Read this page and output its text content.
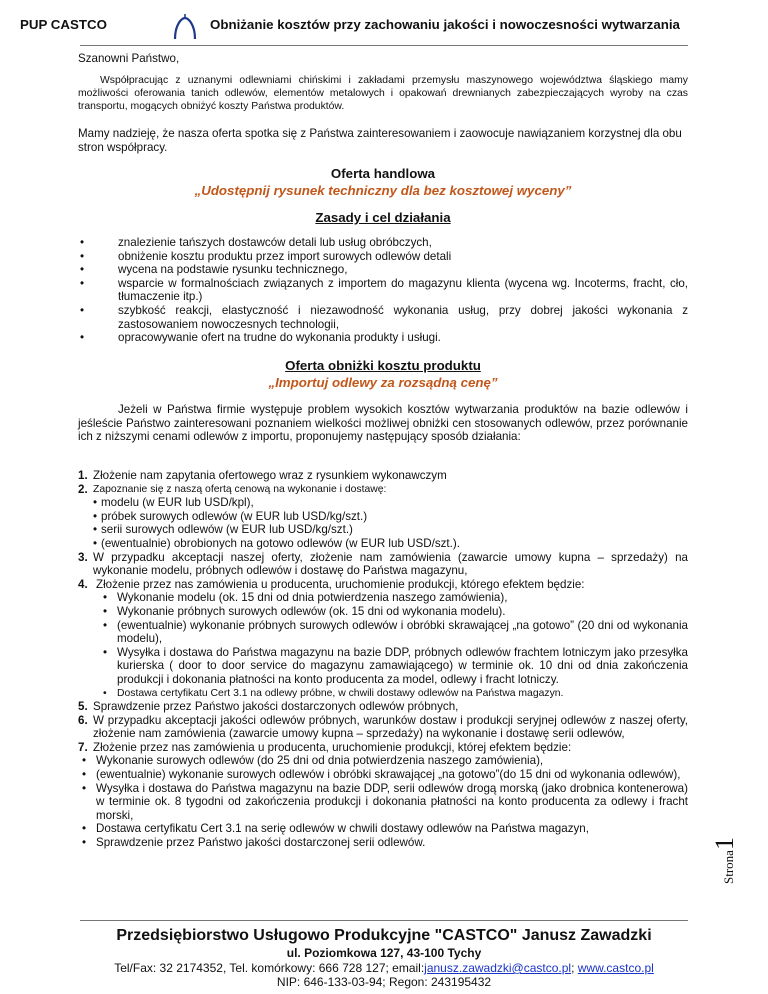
PUP CASTCO	Obniżanie kosztów przy zachowaniu jakości i nowoczesności wytwarzania
Szanowni Państwo,
Współpracując z uznanymi odlewniami chińskimi i zakładami przemysłu maszynowego województwa śląskiego mamy możliwości oferowania tanich odlewów, elementów metalowych i opakowań drewnianych zabezpieczających wyroby na czas transportu, mogących obniżyć koszty Państwa produktów.
Mamy nadzieję, że nasza oferta spotka się z Państwa zainteresowaniem i zaowocuje nawiązaniem korzystnej dla obu stron współpracy.
Oferta handlowa
„Udostępnij rysunek techniczny dla bez kosztowej wyceny”
Zasady i cel działania
•	znalezienie tańszych dostawców detali lub usług obróbczych,
•	obniżenie kosztu produktu przez import surowych odlewów detali
•	wycena na podstawie rysunku technicznego,
•	wsparcie w formalnościach związanych z importem do magazynu klienta (wycena wg. Incoterms, fracht, cło, tłumaczenie itp.)
•	szybkość reakcji, elastyczność i niezawodność wykonania usług, przy dobrej jakości wykonania z zastosowaniem nowoczesnych technologii,
•	opracowywanie ofert na trudne do wykonania produkty i usługi.
Oferta obniżki kosztu produktu
„Importuj odlewy za rozsądną cenę”
Jeżeli w Państwa firmie występuje problem wysokich kosztów wytwarzania produktów na bazie odlewów i jeśleście Państwo zainteresowani poznaniem wielkości możliwej obniżki cen stosowanych odlewów, przez porównanie ich z niższymi cenami odlewów z importu, proponujemy następujący sposób działania:
1. Złożenie nam zapytania ofertowego wraz z rysunkiem wykonawczym
2. Zapoznanie się z naszą ofertą cenową na wykonanie i dostawę:
• modelu (w EUR lub USD/kpl),
• próbek surowych odlewów (w EUR lub USD/kg/szt.)
• serii surowych odlewów (w EUR lub USD/kg/szt.)
• (ewentualnie) obrobionych na gotowo odlewów (w EUR lub USD/szt.).
3. W przypadku akceptacji naszej oferty, złożenie nam zamówienia (zawarcie umowy kupna – sprzedaży) na wykonanie modelu, próbnych odlewów i dostawę do Państwa magazynu,
4. Złożenie przez nas zamówienia u producenta, uruchomienie produkcji, którego efektem będzie:
• Wykonanie modelu (ok. 15 dni od dnia potwierdzenia naszego zamówienia),
• Wykonanie próbnych surowych odlewów (ok. 15 dni od wykonania modelu).
• (ewentualnie) wykonanie próbnych surowych odlewów i obróbki skrawającej „na gotowo” (20 dni od wykonania modelu),
• Wysyłka i dostawa do Państwa magazynu na bazie DDP, próbnych odlewów frachtem lotniczym jako przesyłka kurierska ( door to door service do magazynu zamawiającego) w terminie ok. 10 dni od dnia zakończenia produkcji i dokonania płatności na konto producenta za model, odlewy i fracht lotniczy.
• Dostawa certyfikatu Cert 3.1 na odlewy próbne, w chwili dostawy odlewów na Państwa magazyn.
5. Sprawdzenie przez Państwo jakości dostarczonych odlewów próbnych,
6. W przypadku akceptacji jakości odlewów próbnych, warunków dostaw i produkcji seryjnej odlewów z naszej oferty, złożenie nam zamówienia (zawarcie umowy kupna – sprzedaży) na wykonanie i dostawę serii odlewów,
7. Złożenie przez nas zamówienia u producenta, uruchomienie produkcji, której efektem będzie:
• Wykonanie surowych odlewów (do 25 dni od dnia potwierdzenia naszego zamówienia),
• (ewentualnie) wykonanie surowych odlewów i obróbki skrawającej „na gotowo”(do 15 dni od wykonania odlewów),
• Wysyłka i dostawa do Państwa magazynu na bazie DDP, serii odlewów drogą morską (jako drobnica kontenerowa) w terminie ok. 8 tygodni od zakończenia produkcji i dokonania płatności na konto producenta za odlewy i fracht morski,
• Dostawa certyfikatu Cert 3.1 na serię odlewów w chwili dostawy odlewów na Państwa magazyn,
• Sprawdzenie przez Państwo jakości dostarczonej serii odlewów.
Strona1
Przedsiębiorstwo Usługowo Produkcyjne "CASTCO" Janusz Zawadzki
ul. Poziomkowa 127, 43-100 Tychy
Tel/Fax: 32 2174352, Tel. komórkowy: 666 728 127; email:janusz.zawadzki@castco.pl; www.castco.pl
NIP: 646-133-03-94; Regon: 243195432
